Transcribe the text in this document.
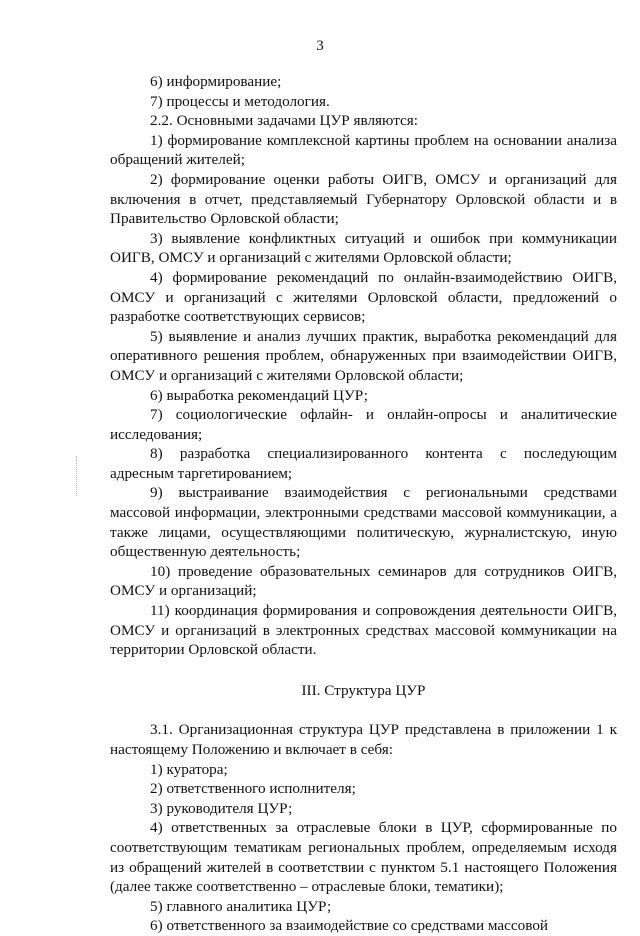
3

6) информирование;

7) процессы и методология.

2.2. Основными задачами ЦУР являются:

1) формирование комплексной картины проблем на основании анализа обращений жителей;

2) формирование оценки работы ОИГВ, ОМСУ и организаций для включения в отчет, представляемый Губернатору Орловской области и в Правительство Орловской области;

3) выявление конфликтных ситуаций и ошибок при коммуникации ОИГВ, ОМСУ и организаций с жителями Орловской области;

4) формирование рекомендаций по онлайн-взаимодействию ОИГВ, ОМСУ и организаций с жителями Орловской области, предложений о разработке соответствующих сервисов;

5) выявление и анализ лучших практик, выработка рекомендаций для оперативного решения проблем, обнаруженных при взаимодействии ОИГВ, ОМСУ и организаций с жителями Орловской области;

6) выработка рекомендаций ЦУР;

7) социологические офлайн- и онлайн-опросы и аналитические исследования;

8) разработка специализированного контента с последующим адресным таргетированием;

9) выстраивание взаимодействия с региональными средствами массовой информации, электронными средствами массовой коммуникации, а также лицами, осуществляющими политическую, журналистскую, иную общественную деятельность;

10) проведение образовательных семинаров для сотрудников ОИГВ, ОМСУ и организаций;

11) координация формирования и сопровождения деятельности ОИГВ, ОМСУ и организаций в электронных средствах массовой коммуникации на территории Орловской области.

III. Структура ЦУР

3.1. Организационная структура ЦУР представлена в приложении 1 к настоящему Положению и включает в себя:

1) куратора;

2) ответственного исполнителя;

3) руководителя ЦУР;

4) ответственных за отраслевые блоки в ЦУР, сформированные по соответствующим тематикам региональных проблем, определяемым исходя из обращений жителей в соответствии с пунктом 5.1 настоящего Положения (далее также соответственно – отраслевые блоки, тематики);

5) главного аналитика ЦУР;

6) ответственного за взаимодействие со средствами массовой
